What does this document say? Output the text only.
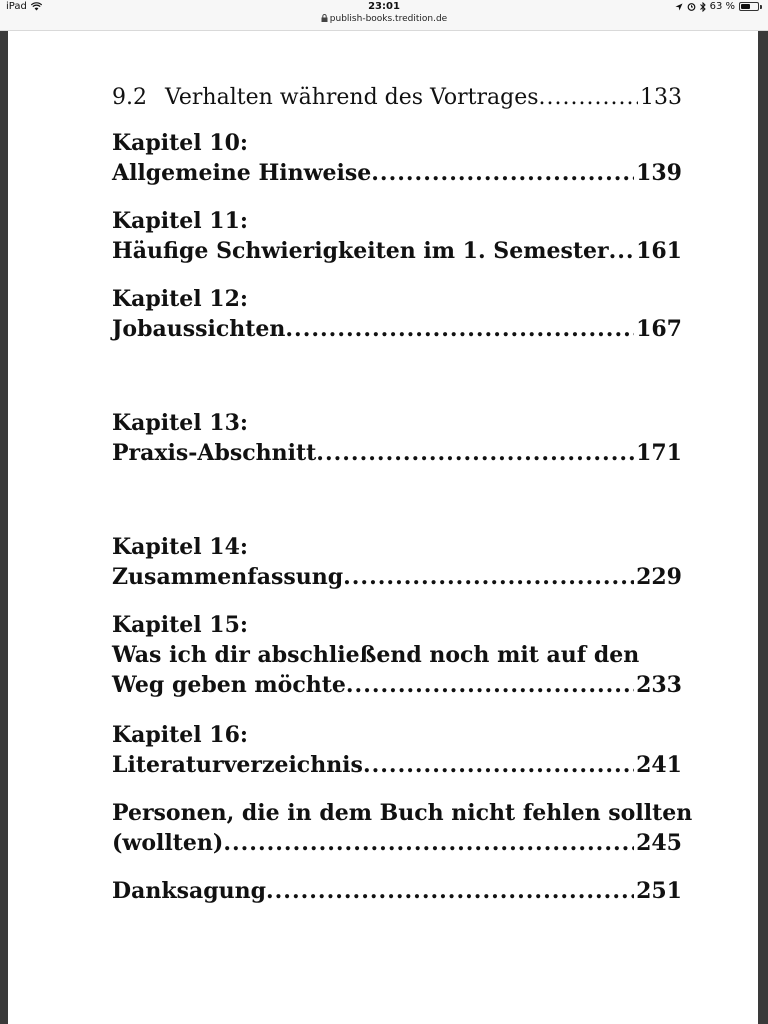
iPad	23:01
publish-books.tredition.de
63 %
9.2 Verhalten während des Vortrages .....	133
Kapitel 10:
Allgemeine Hinweise .....	139
Kapitel 11:
Häufige Schwierigkeiten im 1. Semester ..... 161
Kapitel 12:
Jobaussichten .....	167
Kapitel 13:
Praxis-Abschnitt .....	171
Kapitel 14:
Zusammenfassung .....	229
Kapitel 15:
Was ich dir abschließend noch mit auf den
Weg geben möchte .....	233
Kapitel 16:
Literaturverzeichnis .....	241
Personen, die in dem Buch nicht fehlen sollten
(wollten) .....	245
Danksagung .....	251
